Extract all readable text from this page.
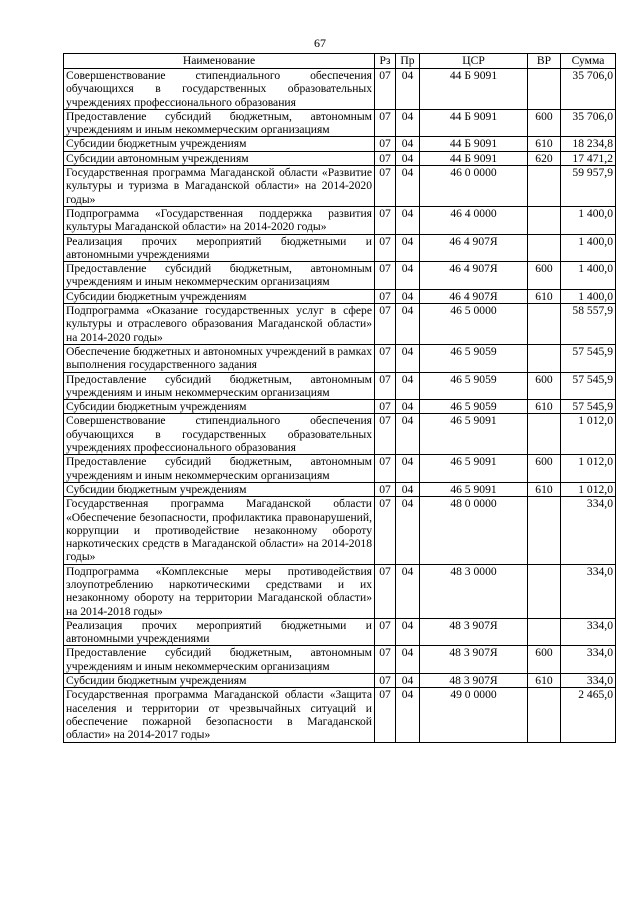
67
Наименование	Рз	Пр	ЦСР	ВР	Сумма
Совершенствование стипендиального обеспечения обучающихся в государственных образовательных учреждениях профессионального образования	07	04	44 Б 9091		35 706,0
Предоставление субсидий бюджетным, автономным учреждениям и иным некоммерческим организациям	07	04	44 Б 9091	600	35 706,0
Субсидии бюджетным учреждениям	07	04	44 Б 9091	610	18 234,8
Субсидии автономным учреждениям	07	04	44 Б 9091	620	17 471,2
Государственная программа Магаданской области «Развитие культуры и туризма в Магаданской области» на 2014-2020 годы»	07	04	46 0 0000		59 957,9
Подпрограмма «Государственная поддержка развития культуры Магаданской области» на 2014-2020 годы»	07	04	46 4 0000		1 400,0
Реализация прочих мероприятий бюджетными и автономными учреждениями	07	04	46 4 907Я		1 400,0
Предоставление субсидий бюджетным, автономным учреждениям и иным некоммерческим организациям	07	04	46 4 907Я	600	1 400,0
Субсидии бюджетным учреждениям	07	04	46 4 907Я	610	1 400,0
Подпрограмма «Оказание государственных услуг в сфере культуры и отраслевого образования Магаданской области» на 2014-2020 годы»	07	04	46 5 0000		58 557,9
Обеспечение бюджетных и автономных учреждений в рамках выполнения государственного задания	07	04	46 5 9059		57 545,9
Предоставление субсидий бюджетным, автономным учреждениям и иным некоммерческим организациям	07	04	46 5 9059	600	57 545,9
Субсидии бюджетным учреждениям	07	04	46 5 9059	610	57 545,9
Совершенствование стипендиального обеспечения обучающихся в государственных образовательных учреждениях профессионального образования	07	04	46 5 9091		1 012,0
Предоставление субсидий бюджетным, автономным учреждениям и иным некоммерческим организациям	07	04	46 5 9091	600	1 012,0
Субсидии бюджетным учреждениям	07	04	46 5 9091	610	1 012,0
Государственная программа Магаданской области «Обеспечение безопасности, профилактика правонарушений, коррупции и противодействие незаконному обороту наркотических средств в Магаданской области» на 2014-2018 годы»	07	04	48 0 0000		334,0
Подпрограмма «Комплексные меры противодействия злоупотреблению наркотическими средствами и их незаконному обороту на территории Магаданской области» на 2014-2018 годы»	07	04	48 3 0000		334,0
Реализация прочих мероприятий бюджетными и автономными учреждениями	07	04	48 3 907Я		334,0
Предоставление субсидий бюджетным, автономным учреждениям и иным некоммерческим организациям	07	04	48 3 907Я	600	334,0
Субсидии бюджетным учреждениям	07	04	48 3 907Я	610	334,0
Государственная программа Магаданской области «Защита населения и территории от чрезвычайных ситуаций и обеспечение пожарной безопасности в Магаданской области» на 2014-2017 годы»	07	04	49 0 0000		2 465,0
